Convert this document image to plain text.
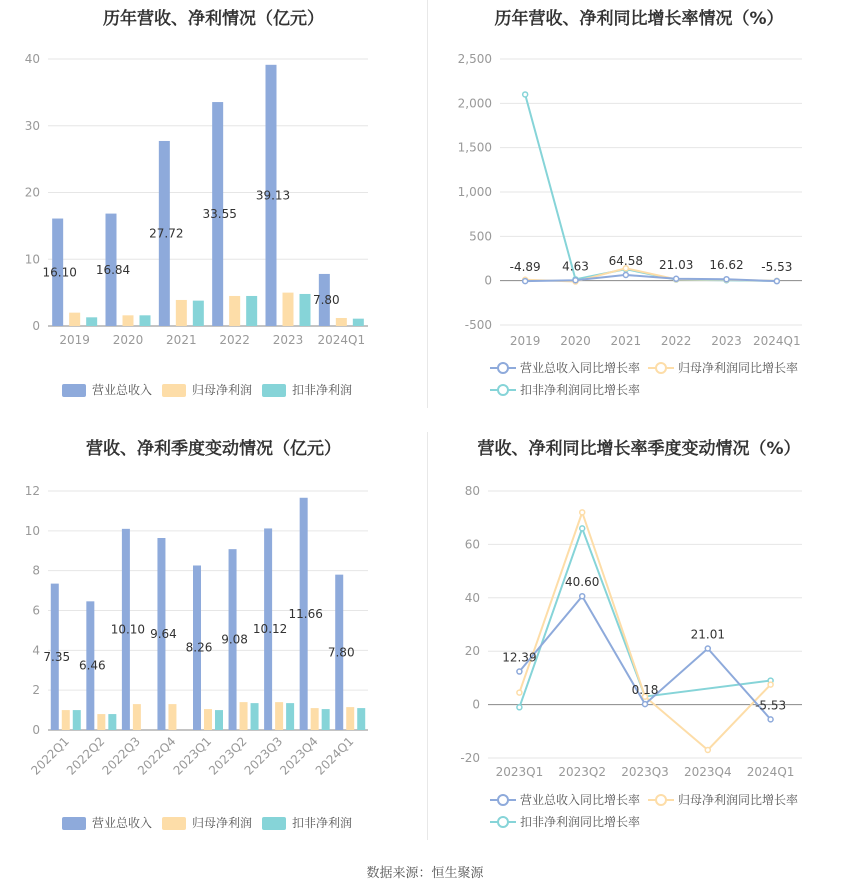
历年营收、净利情况（亿元）
0
10
20
30
40
16.10
2019
16.84
2020
27.72
2021
33.55
2022
39.13
2023
7.80
2024Q1
营业总收入	归母净利润	扣非净利润
历年营收、净利同比增长率情况（%）
-500
0
500
1,000
1,500
2,000
2,500
2019 2020 2021 2022 2023 2024Q1
-4.89 4.63 64.58 21.03 16.62 -5.53
营业总收入同比增长率	归母净利润同比增长率
扣非净利润同比增长率
营收、净利季度变动情况（亿元）
0
2
4
6
8
10
12
7.35
2022Q1
6.46
2022Q2
10.10
2022Q3
9.64
2022Q4
8.26
2023Q1
9.08
2023Q2
10.12
2023Q3
11.66
2023Q4
7.80
2024Q1
营业总收入	归母净利润	扣非净利润
营收、净利同比增长率季度变动情况（%）
-20
0
20
40
60
80
2023Q1 2023Q2 2023Q3 2023Q4 2024Q1
12.39
40.60
0.18
21.01
-5.53
营业总收入同比增长率	归母净利润同比增长率
扣非净利润同比增长率
数据来源：恒生聚源
